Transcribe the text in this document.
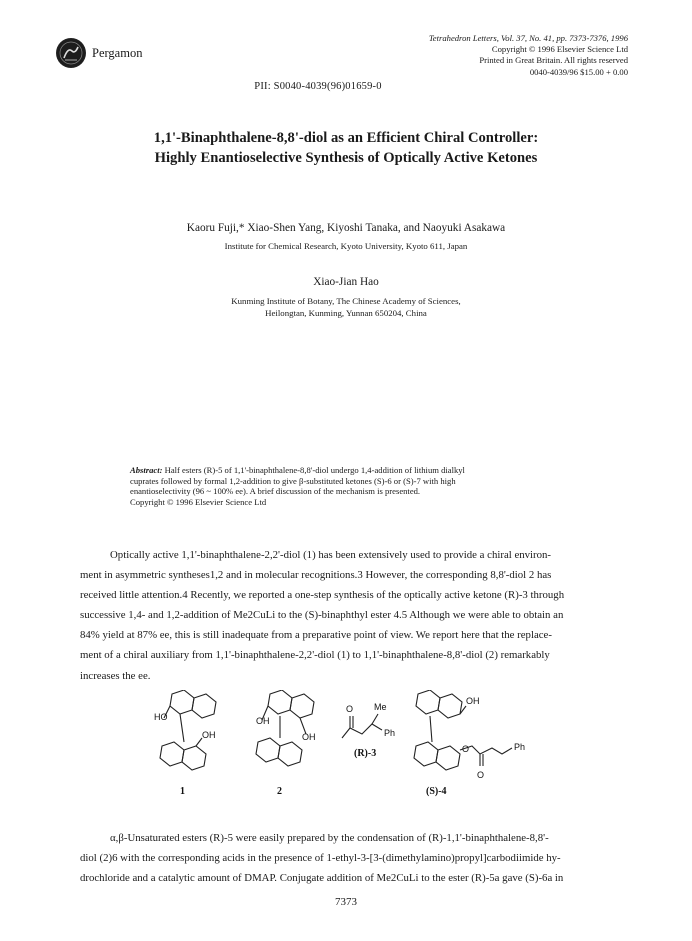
Pergamon
Tetrahedron Letters, Vol. 37, No. 41, pp. 7373-7376, 1996
Copyright © 1996 Elsevier Science Ltd
Printed in Great Britain. All rights reserved
0040-4039/96 $15.00 + 0.00
PII: S0040-4039(96)01659-0
1,1'-Binaphthalene-8,8'-diol as an Efficient Chiral Controller:
Highly Enantioselective Synthesis of Optically Active Ketones
Kaoru Fuji,* Xiao-Shen Yang, Kiyoshi Tanaka, and Naoyuki Asakawa
Institute for Chemical Research, Kyoto University, Kyoto 611, Japan
Xiao-Jian Hao
Kunming Institute of Botany, The Chinese Academy of Sciences,
Heilongtan, Kunming, Yunnan 650204, China
Abstract: Half esters (R)-5 of 1,1'-binaphthalene-8,8'-diol undergo 1,4-addition of lithium dialkyl
cuprates followed by formal 1,2-addition to give β-substituted ketones (S)-6 or (S)-7 with high
enantioselectivity (96 ~ 100% ee). A brief discussion of the mechanism is presented.
Copyright © 1996 Elsevier Science Ltd
Optically active 1,1'-binaphthalene-2,2'-diol (1) has been extensively used to provide a chiral environ-
ment in asymmetric syntheses1,2 and in molecular recognitions.3 However, the corresponding 8,8'-diol 2 has
received little attention.4 Recently, we reported a one-step synthesis of the optically active ketone (R)-3 through
successive 1,4- and 1,2-addition of Me2CuLi to the (S)-binaphthyl ester 4.5 Although we were able to obtain an
84% yield at 87% ee, this is still inadequate from a preparative point of view. We report here that the replace-
ment of a chiral auxiliary from 1,1'-binaphthalene-2,2'-diol (1) to 1,1'-binaphthalene-8,8'-diol (2) remarkably
increases the ee.
HO
OH
OH
OH
Me
Ph
O
OH
O	Ph
O
1	2
(R)-3
(S)-4
α,β-Unsaturated esters (R)-5 were easily prepared by the condensation of (R)-1,1'-binaphthalene-8,8'-
diol (2)6 with the corresponding acids in the presence of 1-ethyl-3-[3-(dimethylamino)propyl]carbodiimide hy-
drochloride and a catalytic amount of DMAP. Conjugate addition of Me2CuLi to the ester (R)-5a gave (S)-6a in
7373
